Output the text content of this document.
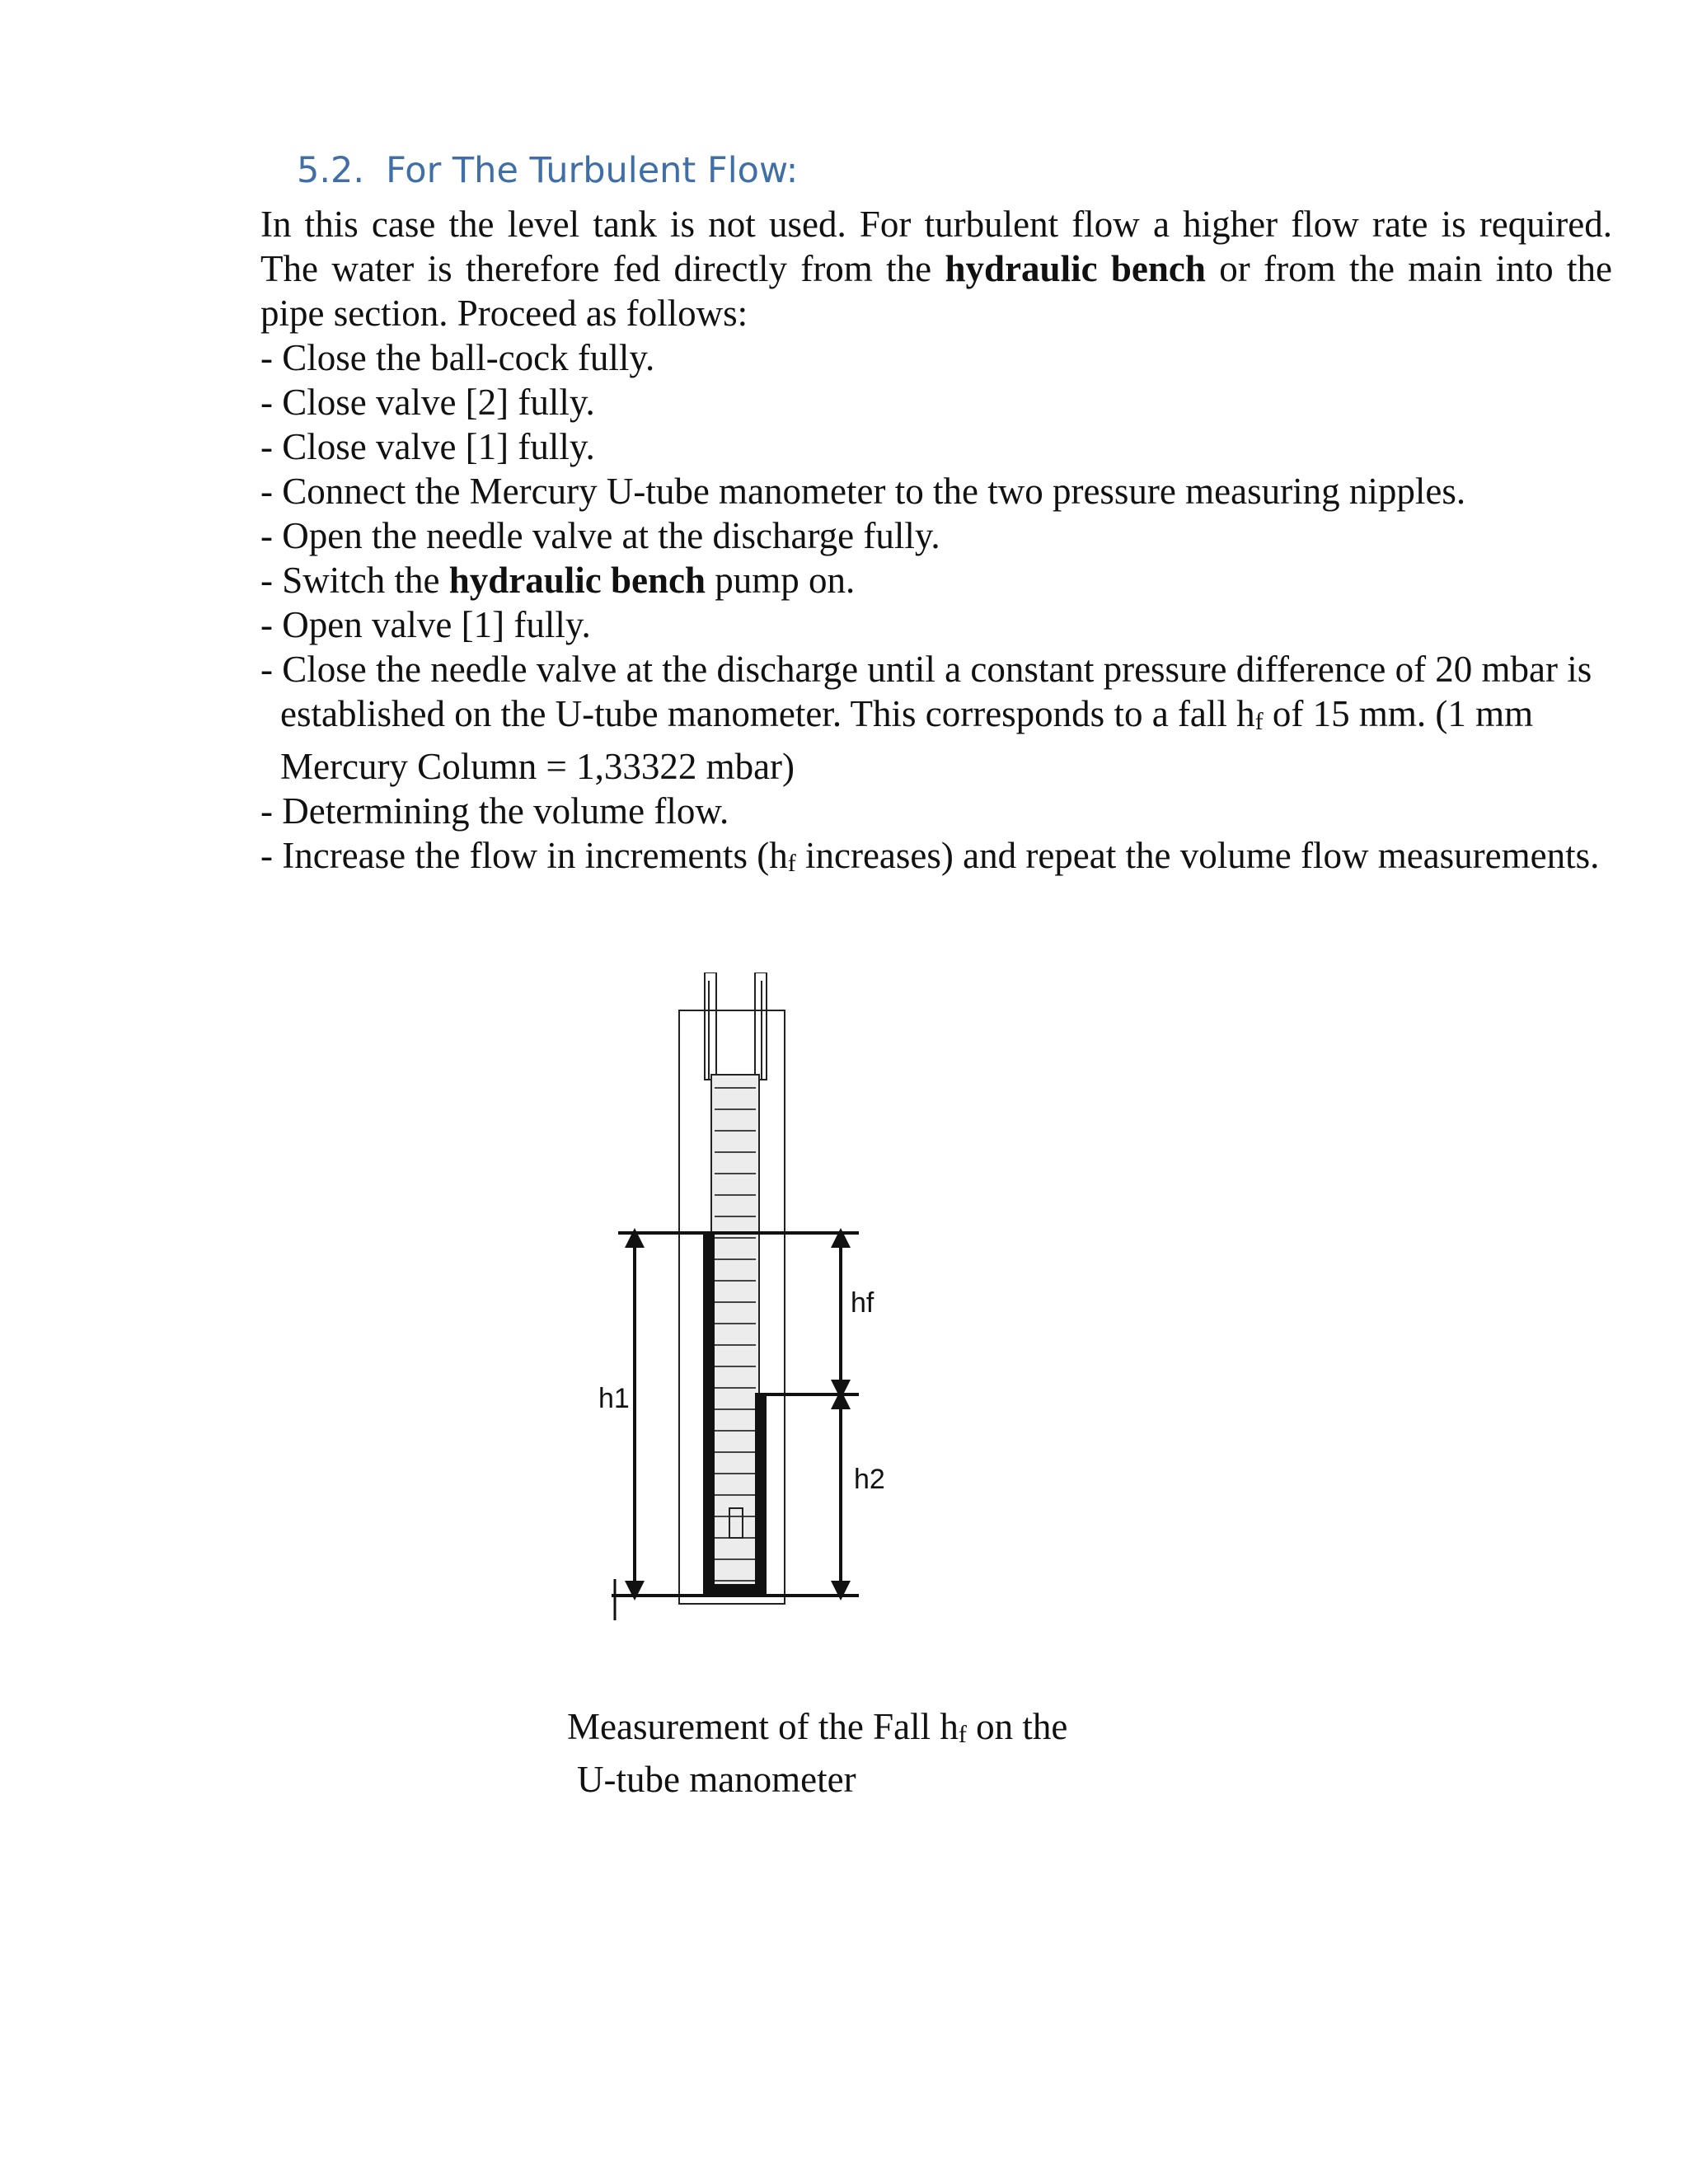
5.2. For The Turbulent Flow:

In this case the level tank is not used. For turbulent flow a higher flow rate is required.

The water is therefore fed directly from the hydraulic bench or from the main into the

pipe section. Proceed as follows:

- Close the ball-cock fully.
- Close valve [2] fully.
- Close valve [1] fully.
- Connect the Mercury U-tube manometer to the two pressure measuring nipples.
- Open the needle valve at the discharge fully.
- Switch the hydraulic bench pump on.
- Open valve [1] fully.
- Close the needle valve at the discharge until a constant pressure difference of 20 mbar is established on the U-tube manometer. This corresponds to a fall $h_f$ of 15 mm. (1 mm Mercury Column = 1,33322 mbar)
- Determining the volume flow.
- Increase the flow in increments ($h_f$ increases) and repeat the volume flow measurements.
h1
hf
h2

Measurement of the Fall $h_f$ on the
U-tube manometer
